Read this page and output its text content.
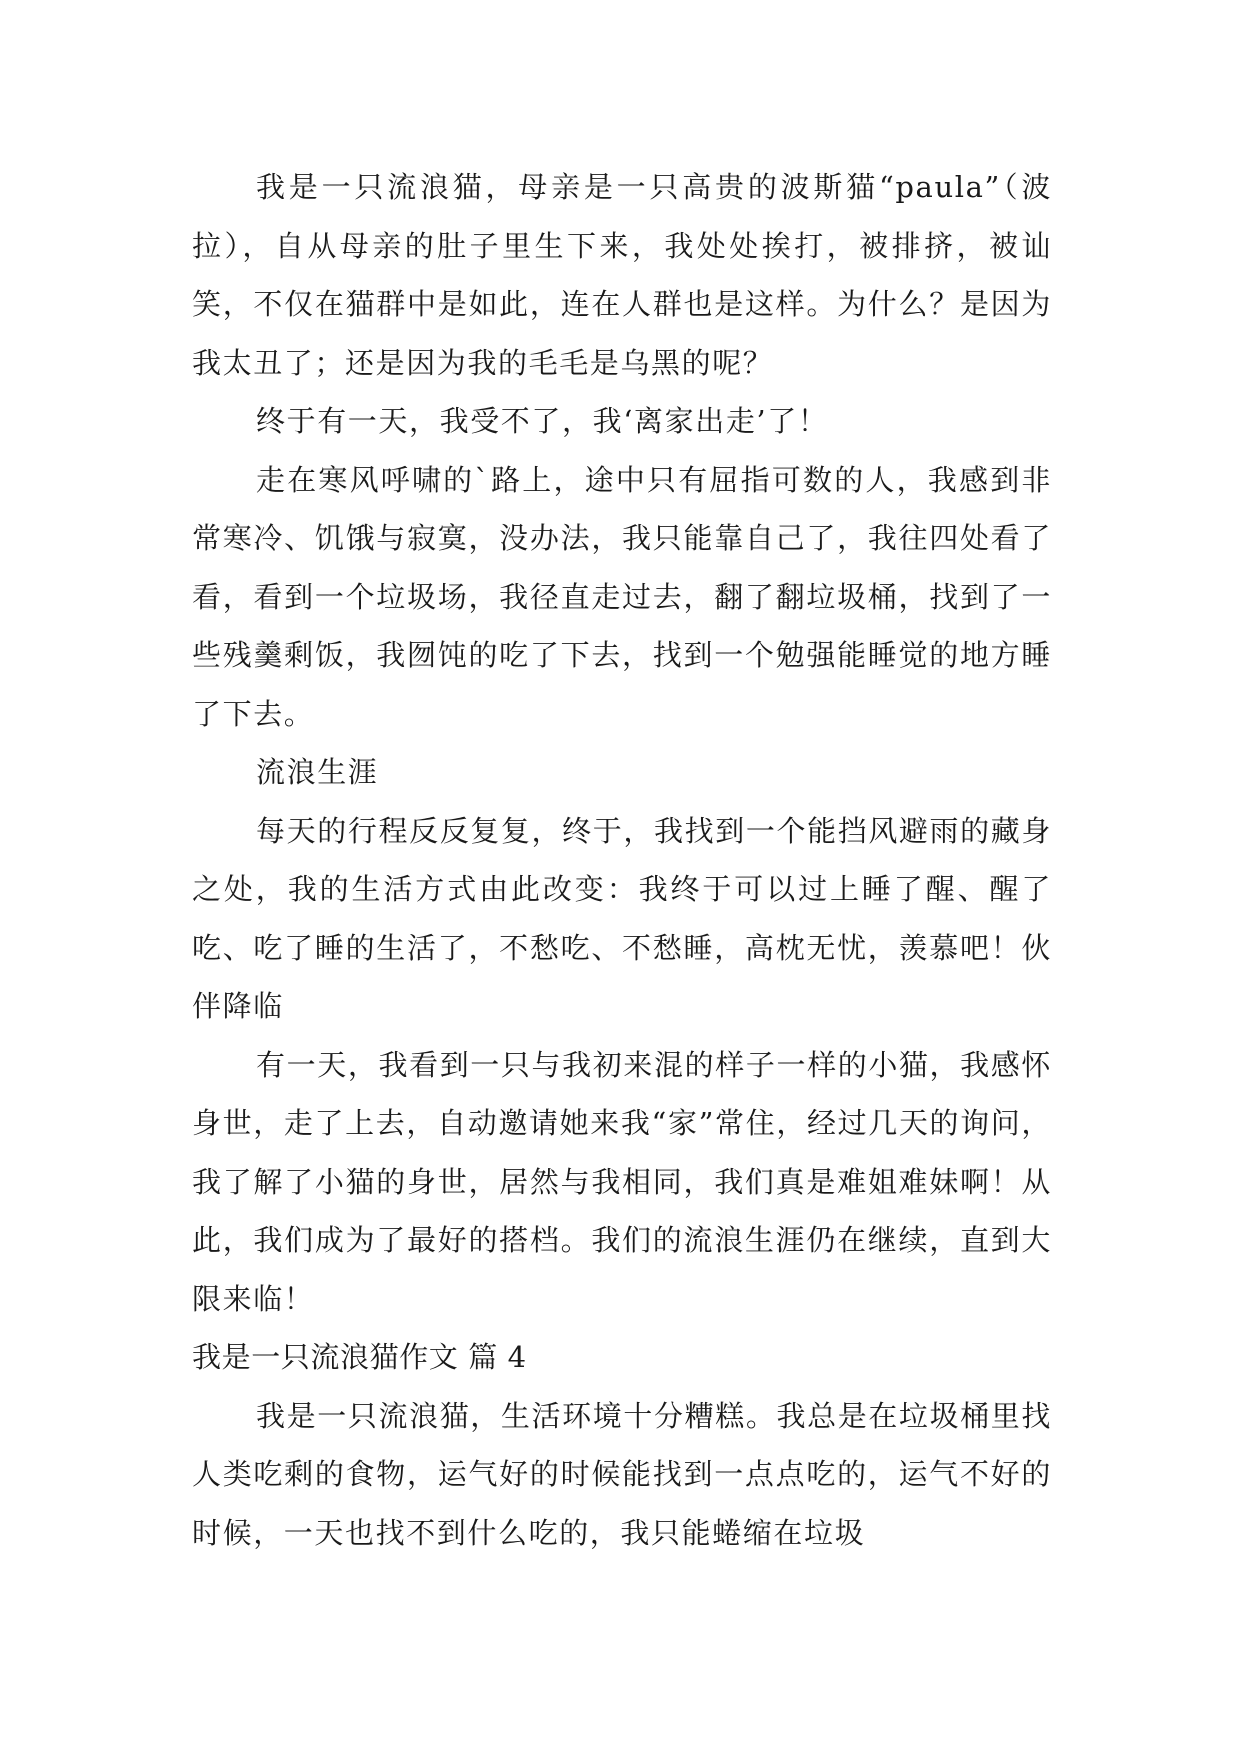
我是一只流浪猫，母亲是一只高贵的波斯猫“paula”（波拉），自从母亲的肚子里生下来，我处处挨打，被排挤，被讪笑，不仅在猫群中是如此，连在人群也是这样。为什么？是因为我太丑了；还是因为我的毛毛是乌黑的呢？

终于有一天，我受不了，我‘离家出走’了！

走在寒风呼啸的`路上，途中只有屈指可数的人，我感到非常寒冷、饥饿与寂寞，没办法，我只能靠自己了，我往四处看了看，看到一个垃圾场，我径直走过去，翻了翻垃圾桶，找到了一些残羹剩饭，我囫饨的吃了下去，找到一个勉强能睡觉的地方睡了下去。

流浪生涯

每天的行程反反复复，终于，我找到一个能挡风避雨的藏身之处，我的生活方式由此改变：我终于可以过上睡了醒、醒了吃、吃了睡的生活了，不愁吃、不愁睡，高枕无忧，羡慕吧！伙伴降临

有一天，我看到一只与我初来混的样子一样的小猫，我感怀身世，走了上去，自动邀请她来我“家”常住，经过几天的询问，我了解了小猫的身世，居然与我相同，我们真是难姐难妹啊！从此，我们成为了最好的搭档。我们的流浪生涯仍在继续，直到大限来临！

我是一只流浪猫作文 篇 4

我是一只流浪猫，生活环境十分糟糕。我总是在垃圾桶里找人类吃剩的食物，运气好的时候能找到一点点吃的，运气不好的时候，一天也找不到什么吃的，我只能蜷缩在垃圾
